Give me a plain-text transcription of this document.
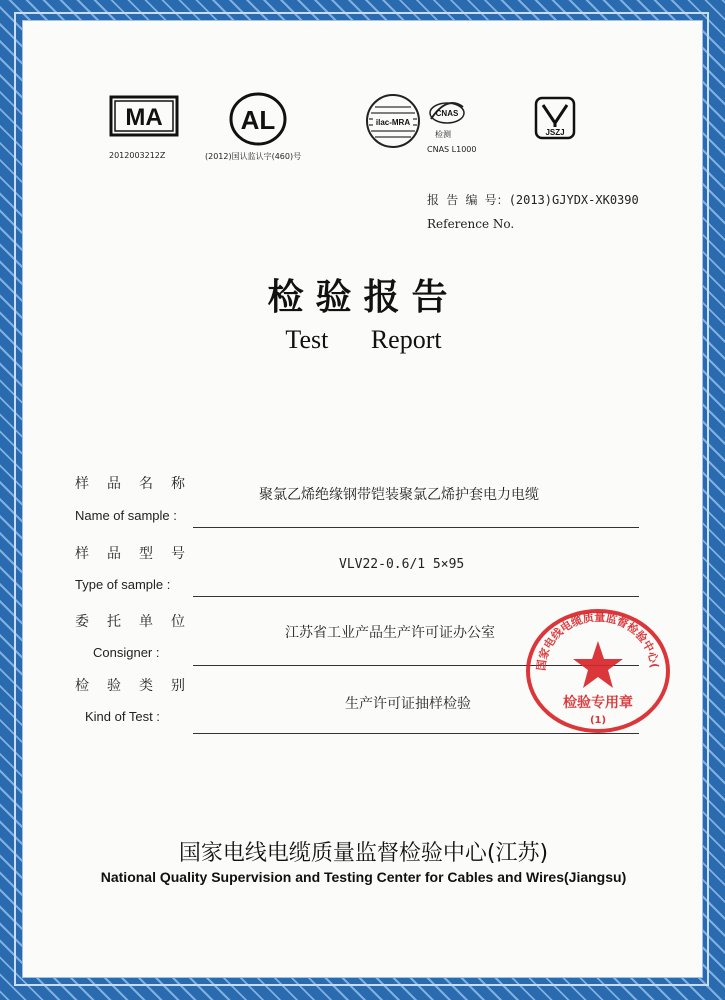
MA
2012003212Z
AL
(2012)国认监认字(460)号
ilac-MRA
CNAS
检测
CNAS L1000
JSZJ
报 告 编 号：(2013)GJYDX-XK0390
Reference No.
检验报告
Test Report
样品名称
Name of sample :
聚氯乙烯绝缘钢带铠装聚氯乙烯护套电力电缆
样品型号
Type of sample :
VLV22-0.6/1 5×95
委托单位
Consigner :
江苏省工业产品生产许可证办公室
检验类别
Kind of Test :
生产许可证抽样检验
国家电线电缆质量监督检验中心(
检验专用章
(1)
国家电线电缆质量监督检验中心(江苏)
National Quality Supervision and Testing Center for Cables and Wires(Jiangsu)
